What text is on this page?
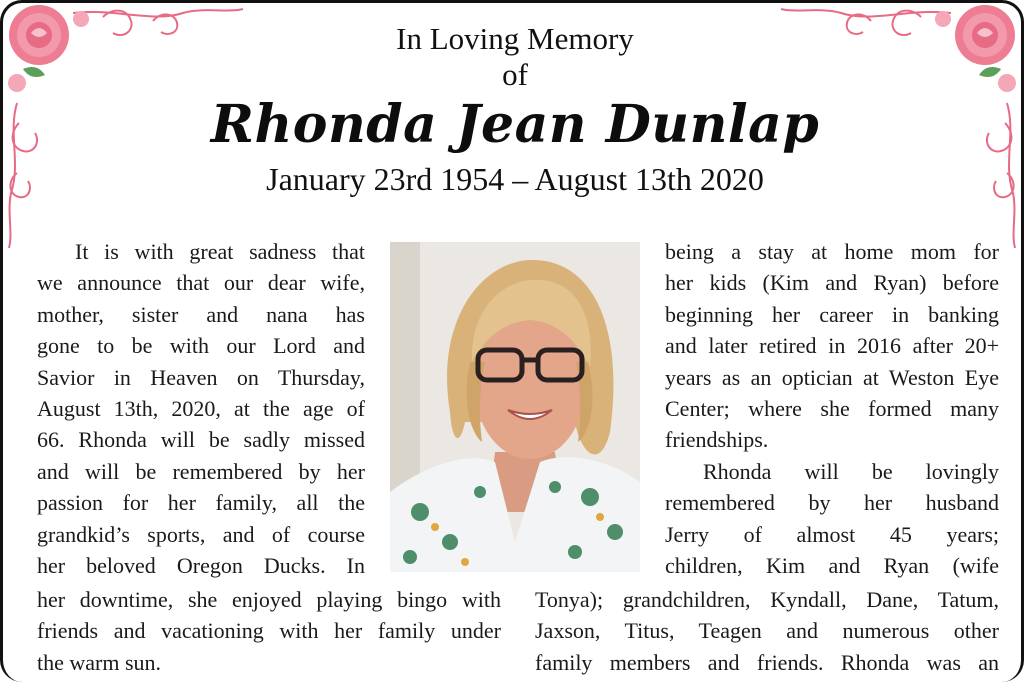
In Loving Memory
of
Rhonda Jean Dunlap
January 23rd 1954 – August 13th 2020
It is with great sadness that
we announce that our dear wife,
mother, sister and nana has
gone to be with our Lord and
Savior in Heaven on Thursday,
August 13th, 2020, at the age of
66. Rhonda will be sadly missed
and will be remembered by her
passion for her family, all the
grandkid’s sports, and of course
her beloved Oregon Ducks. In
being a stay at home mom for
her kids (Kim and Ryan) before
beginning her career in banking
and later retired in 2016 after 20+
years as an optician at Weston Eye
Center; where she formed many
friendships.
Rhonda will be lovingly
remembered by her husband
Jerry of almost 45 years;
children, Kim and Ryan (wife
her downtime, she enjoyed playing bingo with
friends and vacationing with her family under
the warm sun.
Tonya); grandchildren, Kyndall, Dane, Tatum,
Jaxson, Titus, Teagen and numerous other
family members and friends. Rhonda was an
